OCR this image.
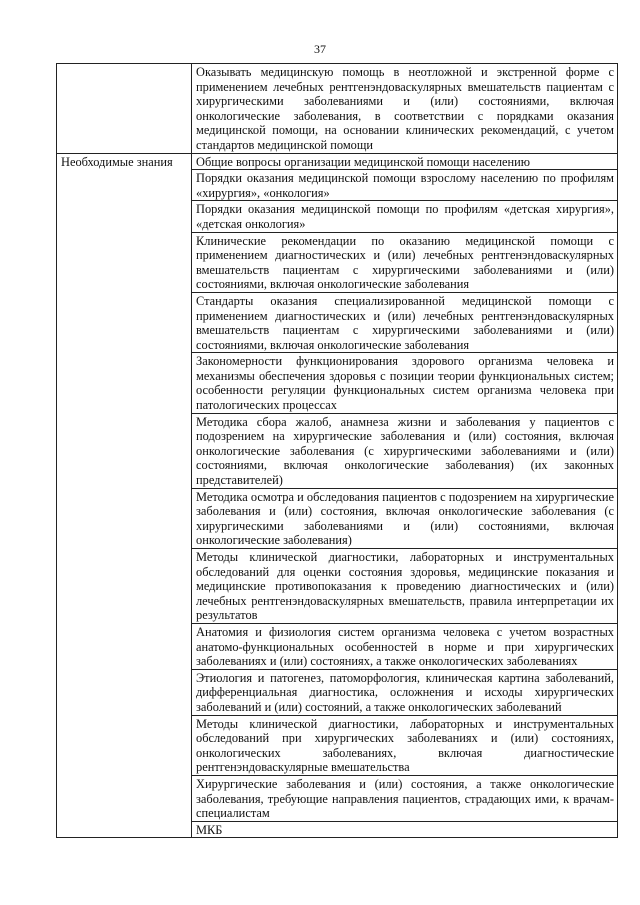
37
	Оказывать медицинскую помощь в неотложной и экстренной форме с применением лечебных рентгенэндоваскулярных вмешательств пациентам с хирургическими заболеваниями и (или) состояниями, включая онкологические заболевания, в соответствии с порядками оказания медицинской помощи, на основании клинических рекомендаций, с учетом стандартов медицинской помощи
Необходимые знания	Общие вопросы организации медицинской помощи населению
	Порядки оказания медицинской помощи взрослому населению по профилям «хирургия», «онкология»
	Порядки оказания медицинской помощи по профилям «детская хирургия», «детская онкология»
	Клинические рекомендации по оказанию медицинской помощи с применением диагностических и (или) лечебных рентгенэндоваскулярных вмешательств пациентам с хирургическими заболеваниями и (или) состояниями, включая онкологические заболевания
	Стандарты оказания специализированной медицинской помощи с применением диагностических и (или) лечебных рентгенэндоваскулярных вмешательств пациентам с хирургическими заболеваниями и (или) состояниями, включая онкологические заболевания
	Закономерности функционирования здорового организма человека и механизмы обеспечения здоровья с позиции теории функциональных систем; особенности регуляции функциональных систем организма человека при патологических процессах
	Методика сбора жалоб, анамнеза жизни и заболевания у пациентов с подозрением на хирургические заболевания и (или) состояния, включая онкологические заболевания (с хирургическими заболеваниями и (или) состояниями, включая онкологические заболевания) (их законных представителей)
	Методика осмотра и обследования пациентов с подозрением на хирургические заболевания и (или) состояния, включая онкологические заболевания (с хирургическими заболеваниями и (или) состояниями, включая онкологические заболевания)
	Методы клинической диагностики, лабораторных и инструментальных обследований для оценки состояния здоровья, медицинские показания и медицинские противопоказания к проведению диагностических и (или) лечебных рентгенэндоваскулярных вмешательств, правила интерпретации их результатов
	Анатомия и физиология систем организма человека с учетом возрастных анатомо-функциональных особенностей в норме и при хирургических заболеваниях и (или) состояниях, а также онкологических заболеваниях
	Этиология и патогенез, патоморфология, клиническая картина заболеваний, дифференциальная диагностика, осложнения и исходы хирургических заболеваний и (или) состояний, а также онкологических заболеваний
	Методы клинической диагностики, лабораторных и инструментальных обследований при хирургических заболеваниях и (или) состояниях, онкологических заболеваниях, включая диагностические рентгенэндоваскулярные вмешательства
	Хирургические заболевания и (или) состояния, а также онкологические заболевания, требующие направления пациентов, страдающих ими, к врачам-специалистам
	МКБ
